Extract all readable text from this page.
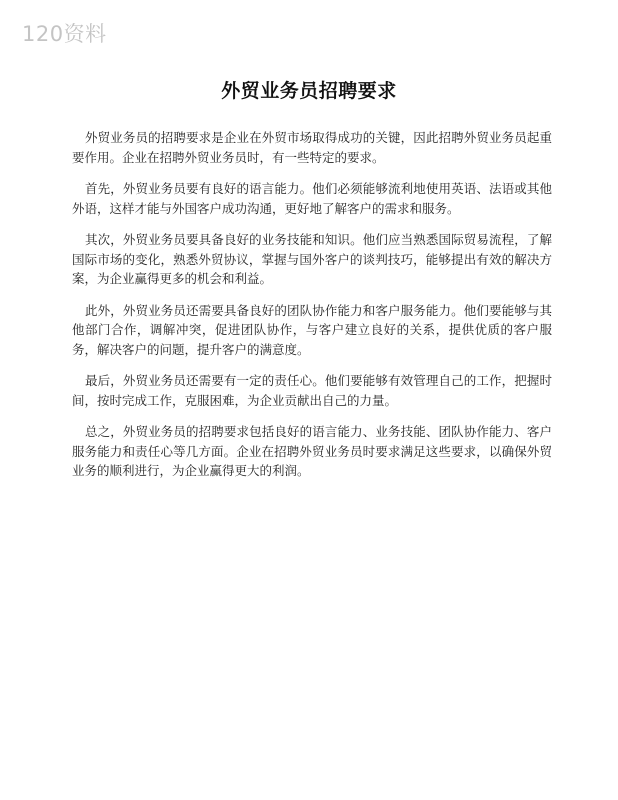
120资料
外贸业务员招聘要求

外贸业务员的招聘要求是企业在外贸市场取得成功的关键，因此招聘外贸业务员起重要作用。企业在招聘外贸业务员时，有一些特定的要求。

首先，外贸业务员要有良好的语言能力。他们必须能够流利地使用英语、法语或其他外语，这样才能与外国客户成功沟通，更好地了解客户的需求和服务。

其次，外贸业务员要具备良好的业务技能和知识。他们应当熟悉国际贸易流程，了解国际市场的变化，熟悉外贸协议，掌握与国外客户的谈判技巧，能够提出有效的解决方案，为企业赢得更多的机会和利益。

此外，外贸业务员还需要具备良好的团队协作能力和客户服务能力。他们要能够与其他部门合作，调解冲突，促进团队协作，与客户建立良好的关系，提供优质的客户服务，解决客户的问题，提升客户的满意度。

最后，外贸业务员还需要有一定的责任心。他们要能够有效管理自己的工作，把握时间，按时完成工作，克服困难，为企业贡献出自己的力量。

总之，外贸业务员的招聘要求包括良好的语言能力、业务技能、团队协作能力、客户服务能力和责任心等几方面。企业在招聘外贸业务员时要求满足这些要求，以确保外贸业务的顺利进行，为企业赢得更大的利润。
